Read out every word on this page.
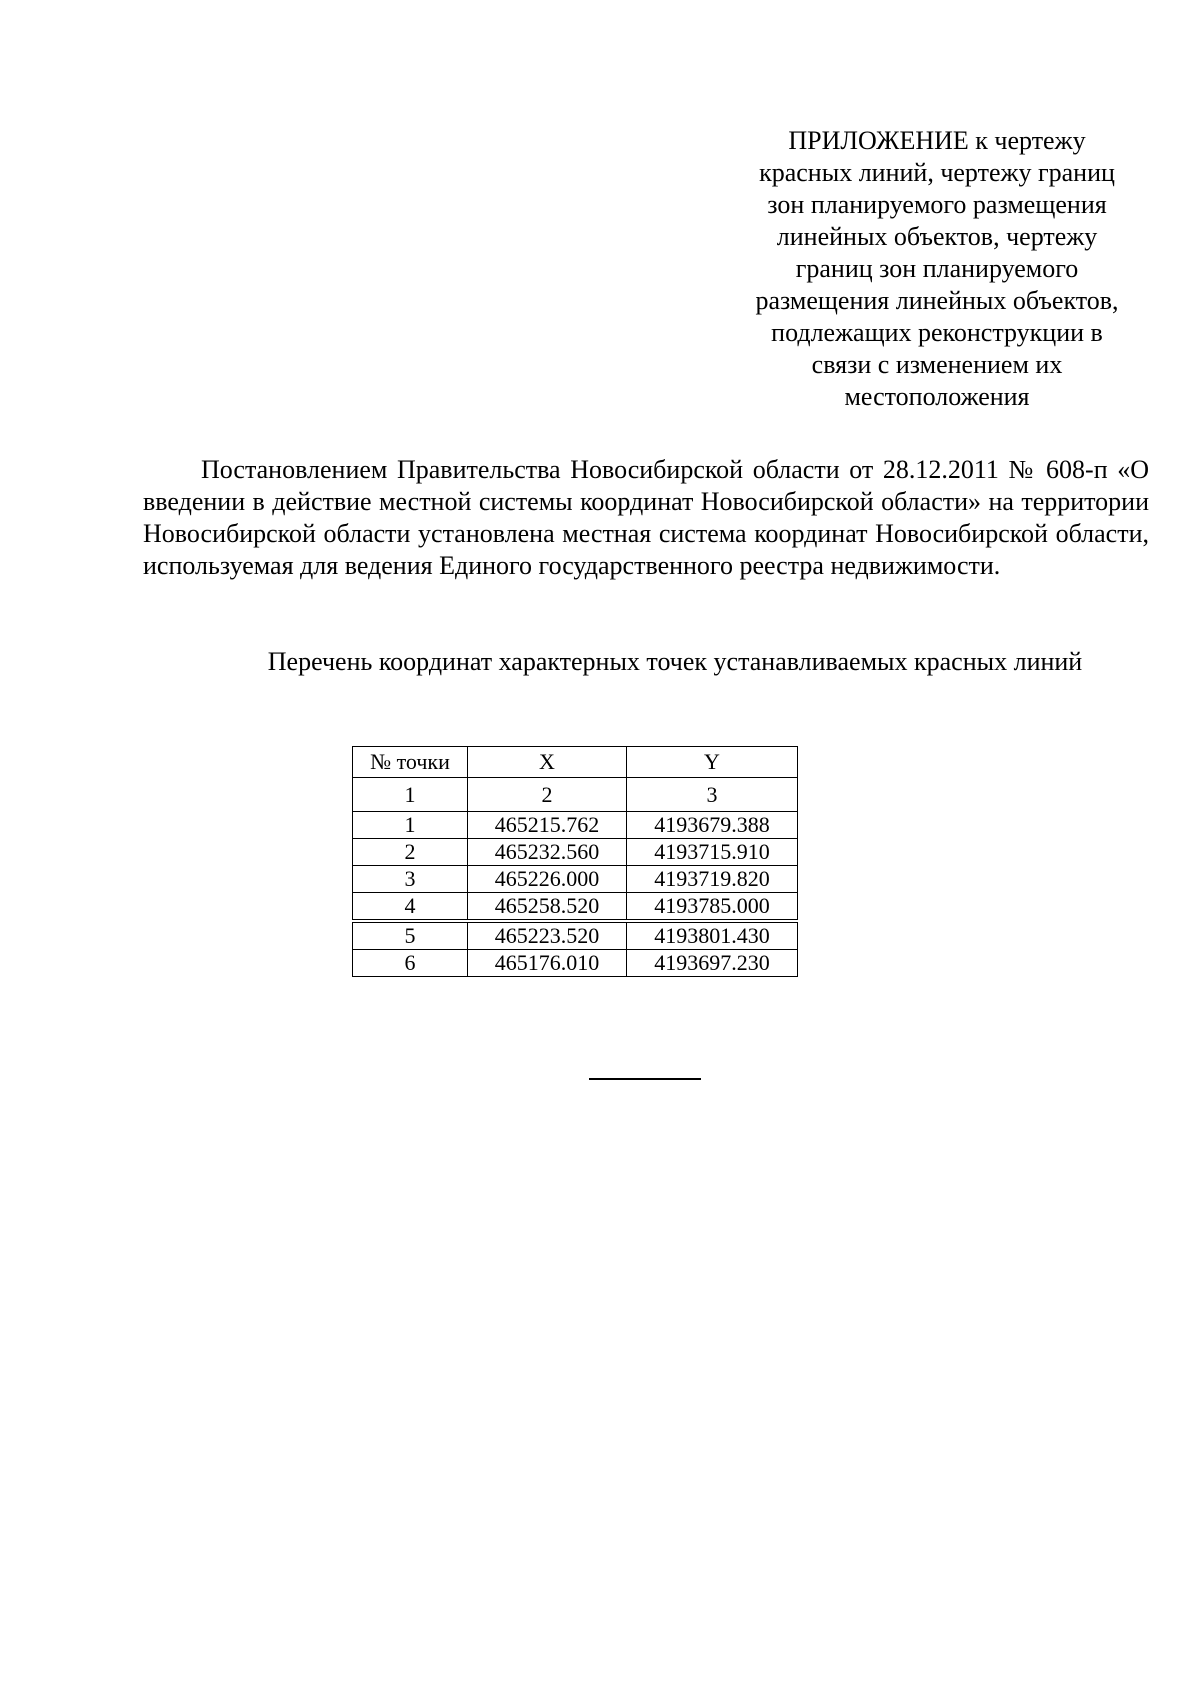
ПРИЛОЖЕНИЕ к чертежу
красных линий, чертежу границ
зон планируемого размещения
линейных объектов, чертежу
границ зон планируемого
размещения линейных объектов,
подлежащих реконструкции в
связи с изменением их
местоположения

Постановлением Правительства Новосибирской области от 28.12.2011 № 608-п «О введении в действие местной системы координат Новосибирской области» на территории Новосибирской области установлена местная система координат Новосибирской области, используемая для ведения Единого государственного реестра недвижимости.

Перечень координат характерных точек устанавливаемых красных линий
№ точки	X	Y
1	2	3
1	465215.762	4193679.388
2	465232.560	4193715.910
3	465226.000	4193719.820
4	465258.520	4193785.000
5	465223.520	4193801.430
6	465176.010	4193697.230
